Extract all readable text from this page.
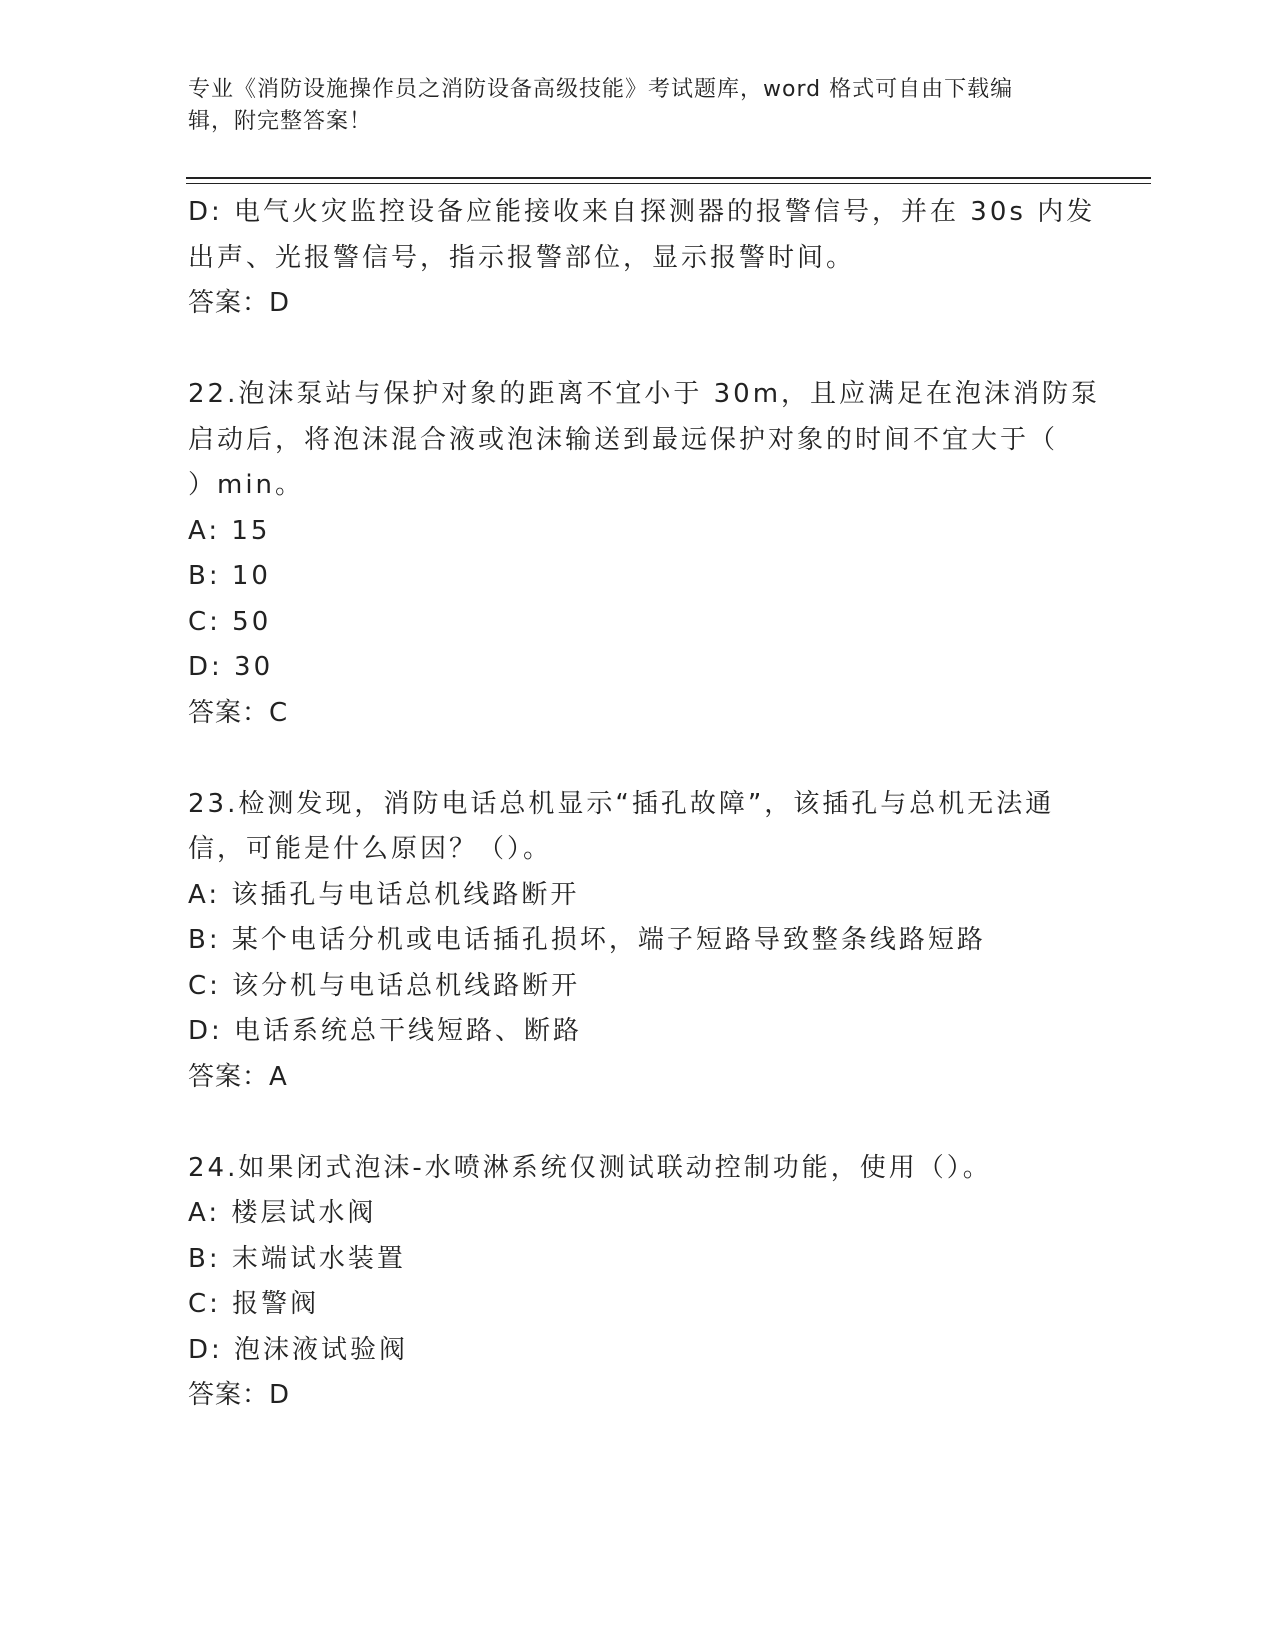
专业《消防设施操作员之消防设备高级技能》考试题库，word 格式可自由下载编
辑，附完整答案！
D: 电气火灾监控设备应能接收来自探测器的报警信号，并在 30s 内发
出声、光报警信号，指示报警部位，显示报警时间。
答案：D
22.泡沫泵站与保护对象的距离不宜小于 30m，且应满足在泡沫消防泵
启动后，将泡沫混合液或泡沫输送到最远保护对象的时间不宜大于（
）min。
A: 15
B: 10
C: 50
D: 30
答案：C
23.检测发现，消防电话总机显示“插孔故障”，该插孔与总机无法通
信，可能是什么原因？（）。
A: 该插孔与电话总机线路断开
B: 某个电话分机或电话插孔损坏，端子短路导致整条线路短路
C: 该分机与电话总机线路断开
D: 电话系统总干线短路、断路
答案：A
24.如果闭式泡沫-水喷淋系统仅测试联动控制功能，使用（）。
A: 楼层试水阀
B: 末端试水装置
C: 报警阀
D: 泡沫液试验阀
答案：D
